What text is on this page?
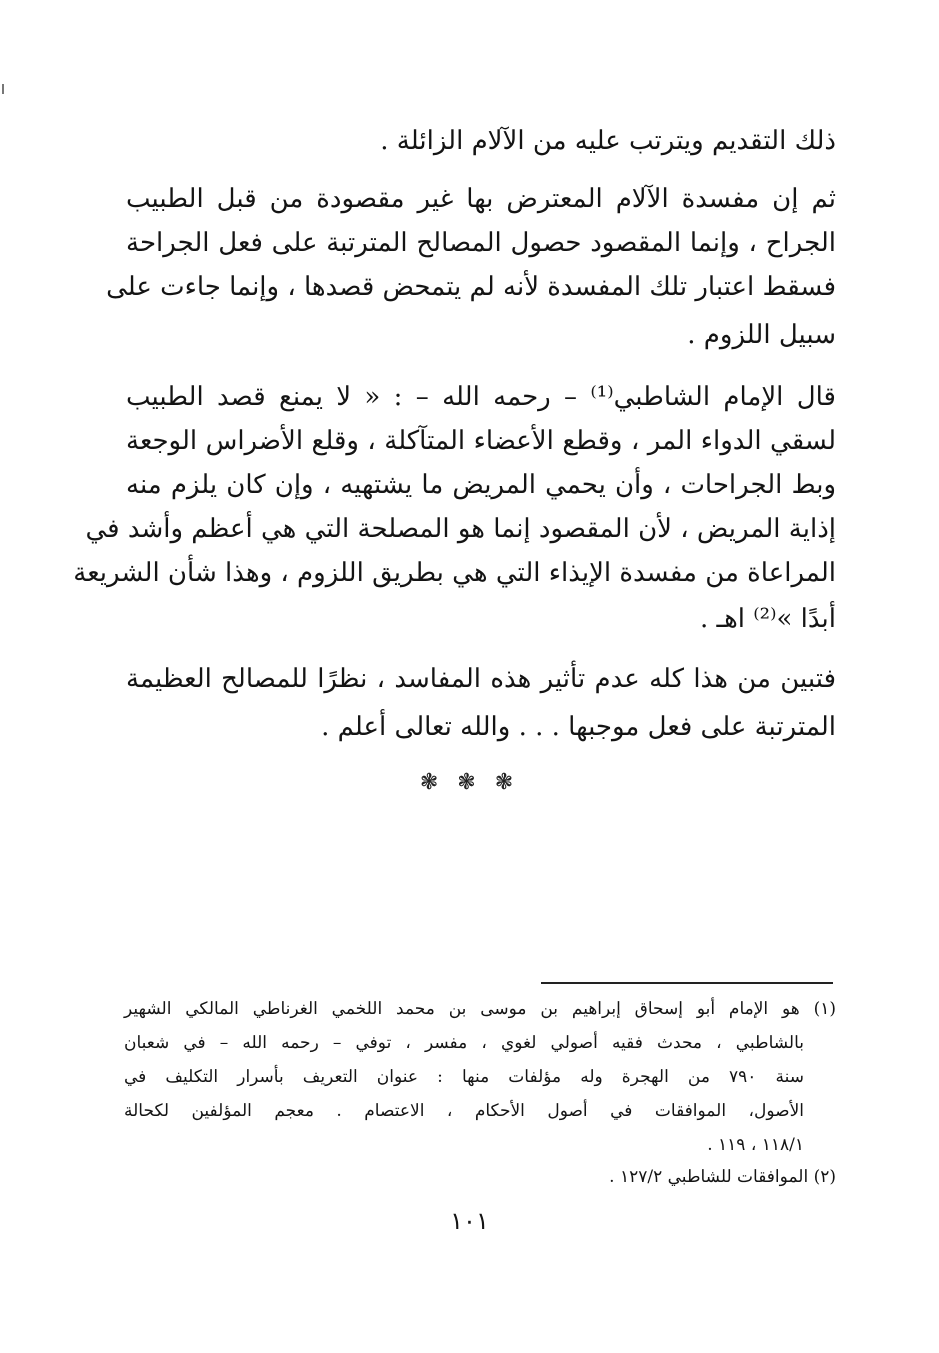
ذلك التقديم ويترتب عليه من الآلام الزائلة .
ثم إن مفسدة الآلام المعترض بها غير مقصودة من قبل الطبيب
الجراح ، وإنما المقصود حصول المصالح المترتبة على فعل الجراحة
فسقط اعتبار تلك المفسدة لأنه لم يتمحض قصدها ، وإنما جاءت على
سبيل اللزوم .
قال الإمام الشاطبي⁽¹⁾ – رحمه الله – : « لا يمنع قصد الطبيب
لسقي الدواء المر ، وقطع الأعضاء المتآكلة ، وقلع الأضراس الوجعة
وبط الجراحات ، وأن يحمي المريض ما يشتهيه ، وإن كان يلزم منه
إذاية المريض ، لأن المقصود إنما هو المصلحة التي هي أعظم وأشد في
المراعاة من مفسدة الإيذاء التي هي بطريق اللزوم ، وهذا شأن الشريعة
أبدًا »⁽²⁾ اهـ .
فتبين من هذا كله عدم تأثير هذه المفاسد ، نظرًا للمصالح العظيمة
المترتبة على فعل موجبها . . . والله تعالى أعلم .
❃ ❃ ❃
(١) هو الإمام أبو إسحاق إبراهيم بن موسى بن محمد اللخمي الغرناطي المالكي الشهير
بالشاطبي ، محدث فقيه أصولي لغوي ، مفسر ، توفي – رحمه الله – في شعبان
سنة ٧٩٠ من الهجرة وله مؤلفات منها : عنوان التعريف بأسرار التكليف في
الأصول، الموافقات في أصول الأحكام ، الاعتصام . معجم المؤلفين لكحالة
١١٨/١ ، ١١٩ .
(٢) الموافقات للشاطبي ١٢٧/٢ .
١٠١
